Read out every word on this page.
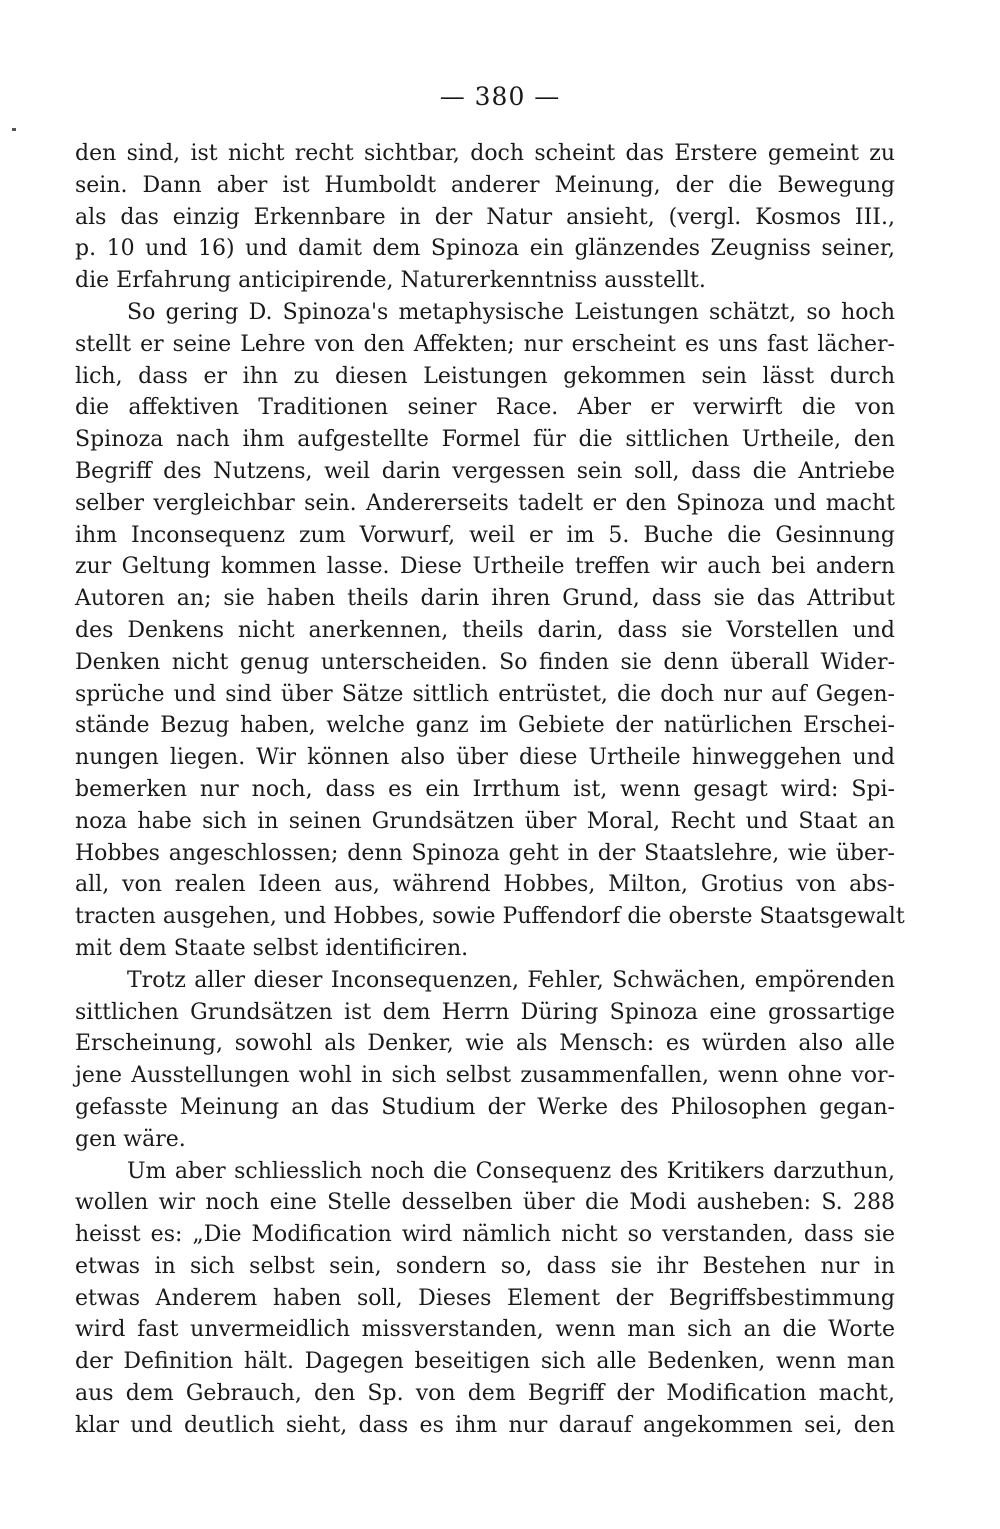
— 380 —
den sind, ist nicht recht sichtbar, doch scheint das Erstere gemeint zu
sein. Dann aber ist Humboldt anderer Meinung, der die Bewegung
als das einzig Erkennbare in der Natur ansieht, (vergl. Kosmos III.,
p. 10 und 16) und damit dem Spinoza ein glänzendes Zeugniss seiner,
die Erfahrung anticipirende, Naturerkenntniss ausstellt.
So gering D. Spinoza's metaphysische Leistungen schätzt, so hoch
stellt er seine Lehre von den Affekten; nur erscheint es uns fast lächer-
lich, dass er ihn zu diesen Leistungen gekommen sein lässt durch
die affektiven Traditionen seiner Race. Aber er verwirft die von
Spinoza nach ihm aufgestellte Formel für die sittlichen Urtheile, den
Begriff des Nutzens, weil darin vergessen sein soll, dass die Antriebe
selber vergleichbar sein. Andererseits tadelt er den Spinoza und macht
ihm Inconsequenz zum Vorwurf, weil er im 5. Buche die Gesinnung
zur Geltung kommen lasse. Diese Urtheile treffen wir auch bei andern
Autoren an; sie haben theils darin ihren Grund, dass sie das Attribut
des Denkens nicht anerkennen, theils darin, dass sie Vorstellen und
Denken nicht genug unterscheiden. So finden sie denn überall Wider-
sprüche und sind über Sätze sittlich entrüstet, die doch nur auf Gegen-
stände Bezug haben, welche ganz im Gebiete der natürlichen Erschei-
nungen liegen. Wir können also über diese Urtheile hinweggehen und
bemerken nur noch, dass es ein Irrthum ist, wenn gesagt wird: Spi-
noza habe sich in seinen Grundsätzen über Moral, Recht und Staat an
Hobbes angeschlossen; denn Spinoza geht in der Staatslehre, wie über-
all, von realen Ideen aus, während Hobbes, Milton, Grotius von abs-
tracten ausgehen, und Hobbes, sowie Puffendorf die oberste Staatsgewalt
mit dem Staate selbst identificiren.
Trotz aller dieser Inconsequenzen, Fehler, Schwächen, empörenden
sittlichen Grundsätzen ist dem Herrn Düring Spinoza eine grossartige
Erscheinung, sowohl als Denker, wie als Mensch: es würden also alle
jene Ausstellungen wohl in sich selbst zusammenfallen, wenn ohne vor-
gefasste Meinung an das Studium der Werke des Philosophen gegan-
gen wäre.
Um aber schliesslich noch die Consequenz des Kritikers darzuthun,
wollen wir noch eine Stelle desselben über die Modi ausheben: S. 288
heisst es: „Die Modification wird nämlich nicht so verstanden, dass sie
etwas in sich selbst sein, sondern so, dass sie ihr Bestehen nur in
etwas Anderem haben soll, Dieses Element der Begriffsbestimmung
wird fast unvermeidlich missverstanden, wenn man sich an die Worte
der Definition hält. Dagegen beseitigen sich alle Bedenken, wenn man
aus dem Gebrauch, den Sp. von dem Begriff der Modification macht,
klar und deutlich sieht, dass es ihm nur darauf angekommen sei, den
